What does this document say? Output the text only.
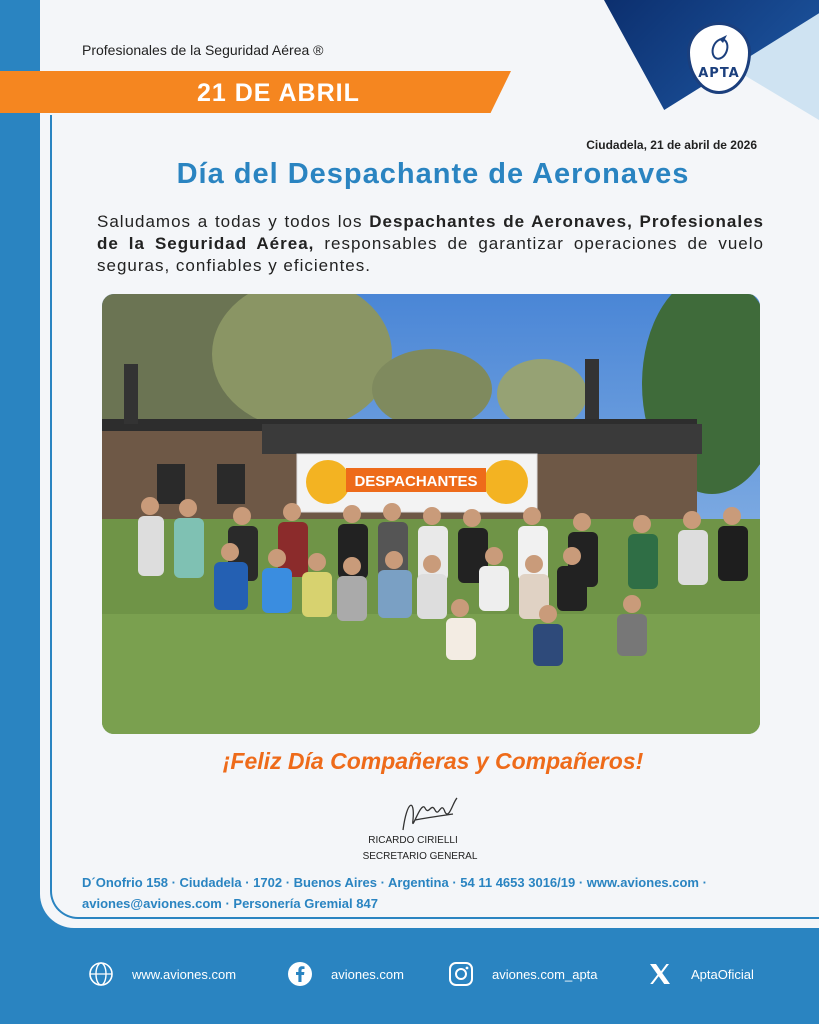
APTA
Profesionales de la Seguridad Aérea ®
21 DE ABRIL
Ciudadela, 21 de abril de 2026
Día del Despachante de Aeronaves
Saludamos a todas y todos los Despachantes de Aeronaves, Profesionales de la Seguridad Aérea, responsables de garantizar operaciones de vuelo seguras, confiables y eficientes.
DESPACHANTES
¡Feliz Día Compañeras y Compañeros!
RICARDO CIRIELLI
SECRETARIO GENERAL
D´Onofrio 158 · Ciudadela · 1702 · Buenos Aires · Argentina · 54 11 4653 3016/19 · www.aviones.com ·
aviones@aviones.com · Personería Gremial 847
www.aviones.com	aviones.com	aviones.com_apta	AptaOficial
